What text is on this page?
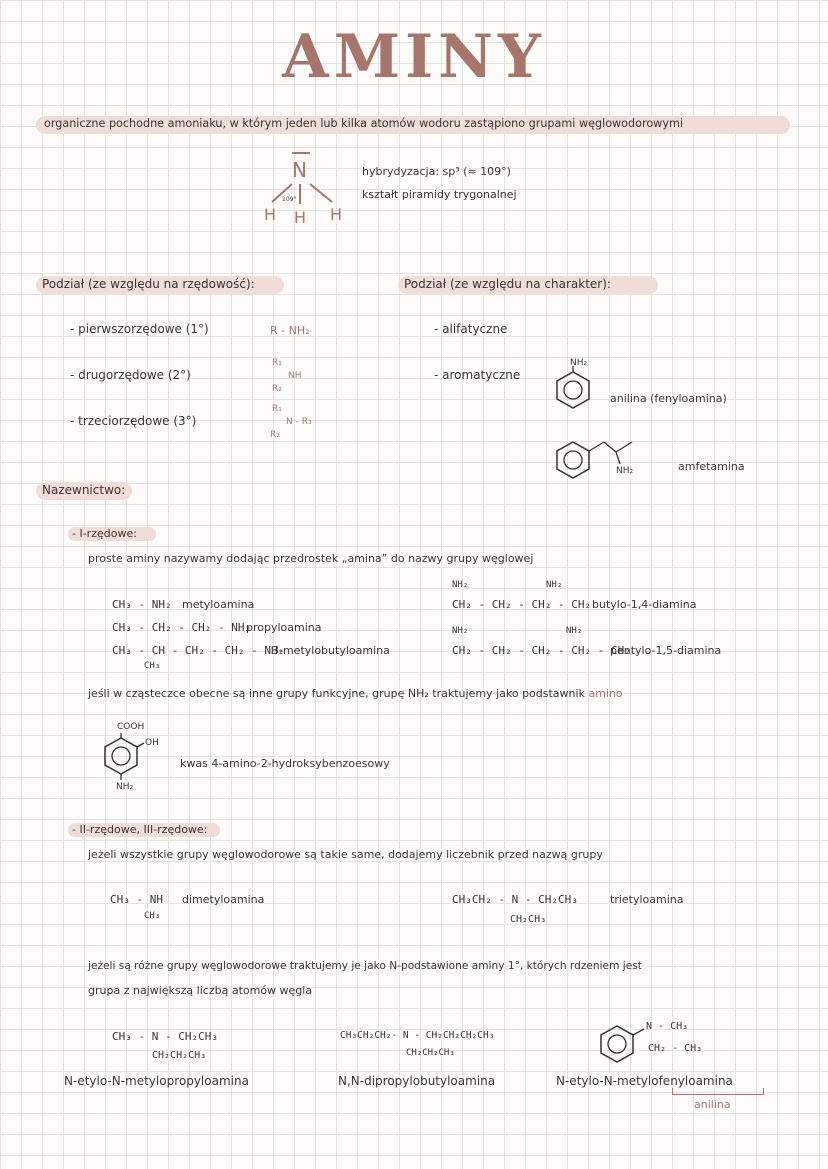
AMINY
organiczne pochodne amoniaku, w którym jeden lub kilka atomów wodoru zastąpiono grupami węglowodorowymi
N
H H H
109°
hybrydyzacja: sp³ (≈ 109°)
kształt piramidy trygonalnej
Podział (ze względu na rzędowość):
- pierwszorzędowe (1°)	R - NH₂
- drugorzędowe (2°)
R₁
NH
R₂
- trzeciorzędowe (3°)
R₁
N - R₃
R₂
Podział (ze względu na charakter):
- alifatyczne
- aromatyczne
NH₂
anilina (fenyloamina)
NH₂	amfetamina
Nazewnictwo:
- I-rzędowe:
proste aminy nazywamy dodając przedrostek „amina” do nazwy grupy węglowej
CH₃ - NH₂ metyloamina
CH₃ - CH₂ - CH₂ - NH₂
propyloamina
CH₃ - CH - CH₂ - CH₂ - NH₂
CH₃
3-metylobutyloamina
NH₂	NH₂
CH₂ - CH₂ - CH₂ - CH₂ butylo-1,4-diamina
NH₂	NH₂
CH₂ - CH₂ - CH₂ - CH₂ - CH₂
pentylo-1,5-diamina
jeśli w cząsteczce obecne są inne grupy funkcyjne, grupę NH₂ traktujemy jako podstawnik amino
COOH
OH
NH₂
kwas 4-amino-2-hydroksybenzoesowy
- II-rzędowe, III-rzędowe:
jeżeli wszystkie grupy węglowodorowe są takie same, dodajemy liczebnik przed nazwą grupy
CH₃ - NH
CH₃
dimetyloamina	CH₃CH₂ - N - CH₂CH₃
CH₂CH₃
trietyloamina
jeżeli są różne grupy węglowodorowe traktujemy je jako N-podstawione aminy 1°, których rdzeniem jest
grupa z największą liczbą atomów węgla
CH₃ - N - CH₂CH₃
CH₂CH₂CH₃
N-etylo-N-metylopropyloamina
CH₃CH₂CH₂- N - CH₂CH₂CH₂CH₃
CH₂CH₂CH₃
N,N-dipropylobutyloamina
N - CH₃
CH₂ - CH₃
N-etylo-N-metylofenyloamina
anilina
